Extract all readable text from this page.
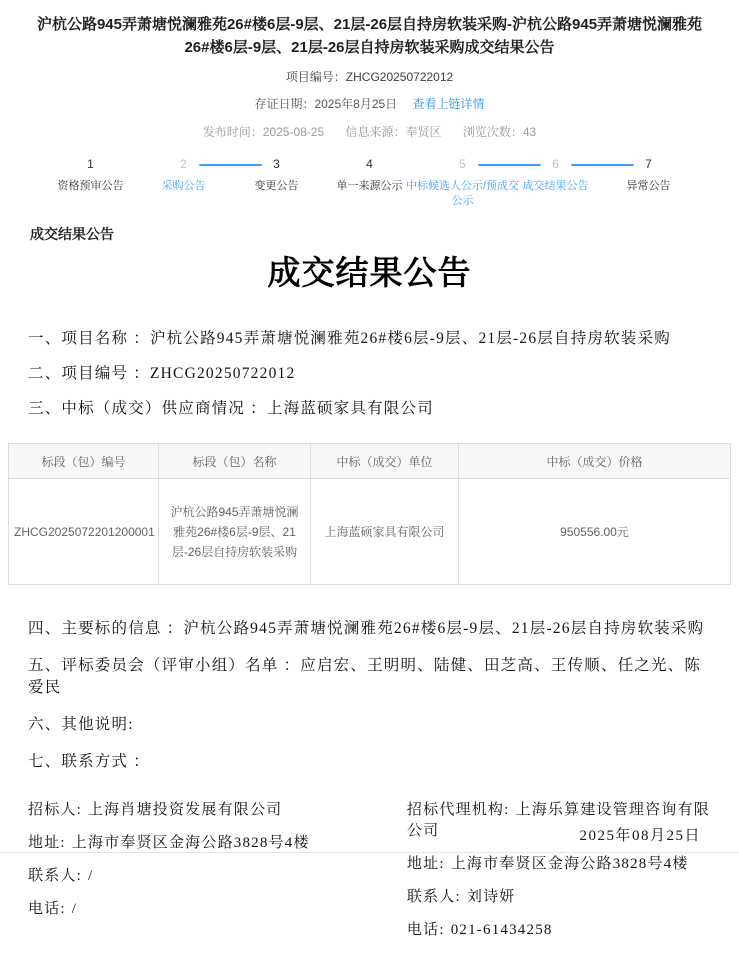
沪杭公路945弄萧塘悦澜雅苑26#楼6层-9层、21层-26层自持房软装采购-沪杭公路945弄萧塘悦澜雅苑26#楼6层-9层、21层-26层自持房软装采购成交结果公告
项目编号：ZHCG20250722012
存证日期：2025年8月25日 查看上链详情
发布时间：2025-08-25 信息来源：奉贤区 浏览次数：43
1
资格预审公告
2
采购公告
3
变更公告
4
单一来源公示
5
中标候选人公示/预成交公示
6
成交结果公告
7
异常公告
成交结果公告
成交结果公告
一、项目名称 ：沪杭公路945弄萧塘悦澜雅苑26#楼6层-9层、21层-26层自持房软装采购
二、项目编号 ：ZHCG20250722012
三、中标（成交）供应商情况 ：上海蓝硕家具有限公司
标段（包）编号	标段（包）名称	中标（成交）单位	中标（成交）价格
ZHCG2025072201200001	沪杭公路945弄萧塘悦澜雅苑26#楼6层-9层、21层-26层自持房软装采购	上海蓝硕家具有限公司	950556.00元
四、主要标的信息 ：沪杭公路945弄萧塘悦澜雅苑26#楼6层-9层、21层-26层自持房软装采购
五、评标委员会（评审小组）名单 ：应启宏、王明明、陆健、田芝高、王传顺、任之光、陈爱民
六、其他说明:
七、联系方式 ：
招标人: 上海肖塘投资发展有限公司
地址: 上海市奉贤区金海公路3828号4楼
联系人: /
电话: /
招标代理机构: 上海乐算建设管理咨询有限公司
地址: 上海市奉贤区金海公路3828号4楼
联系人: 刘诗妍
电话: 021-61434258
2025年08月25日
